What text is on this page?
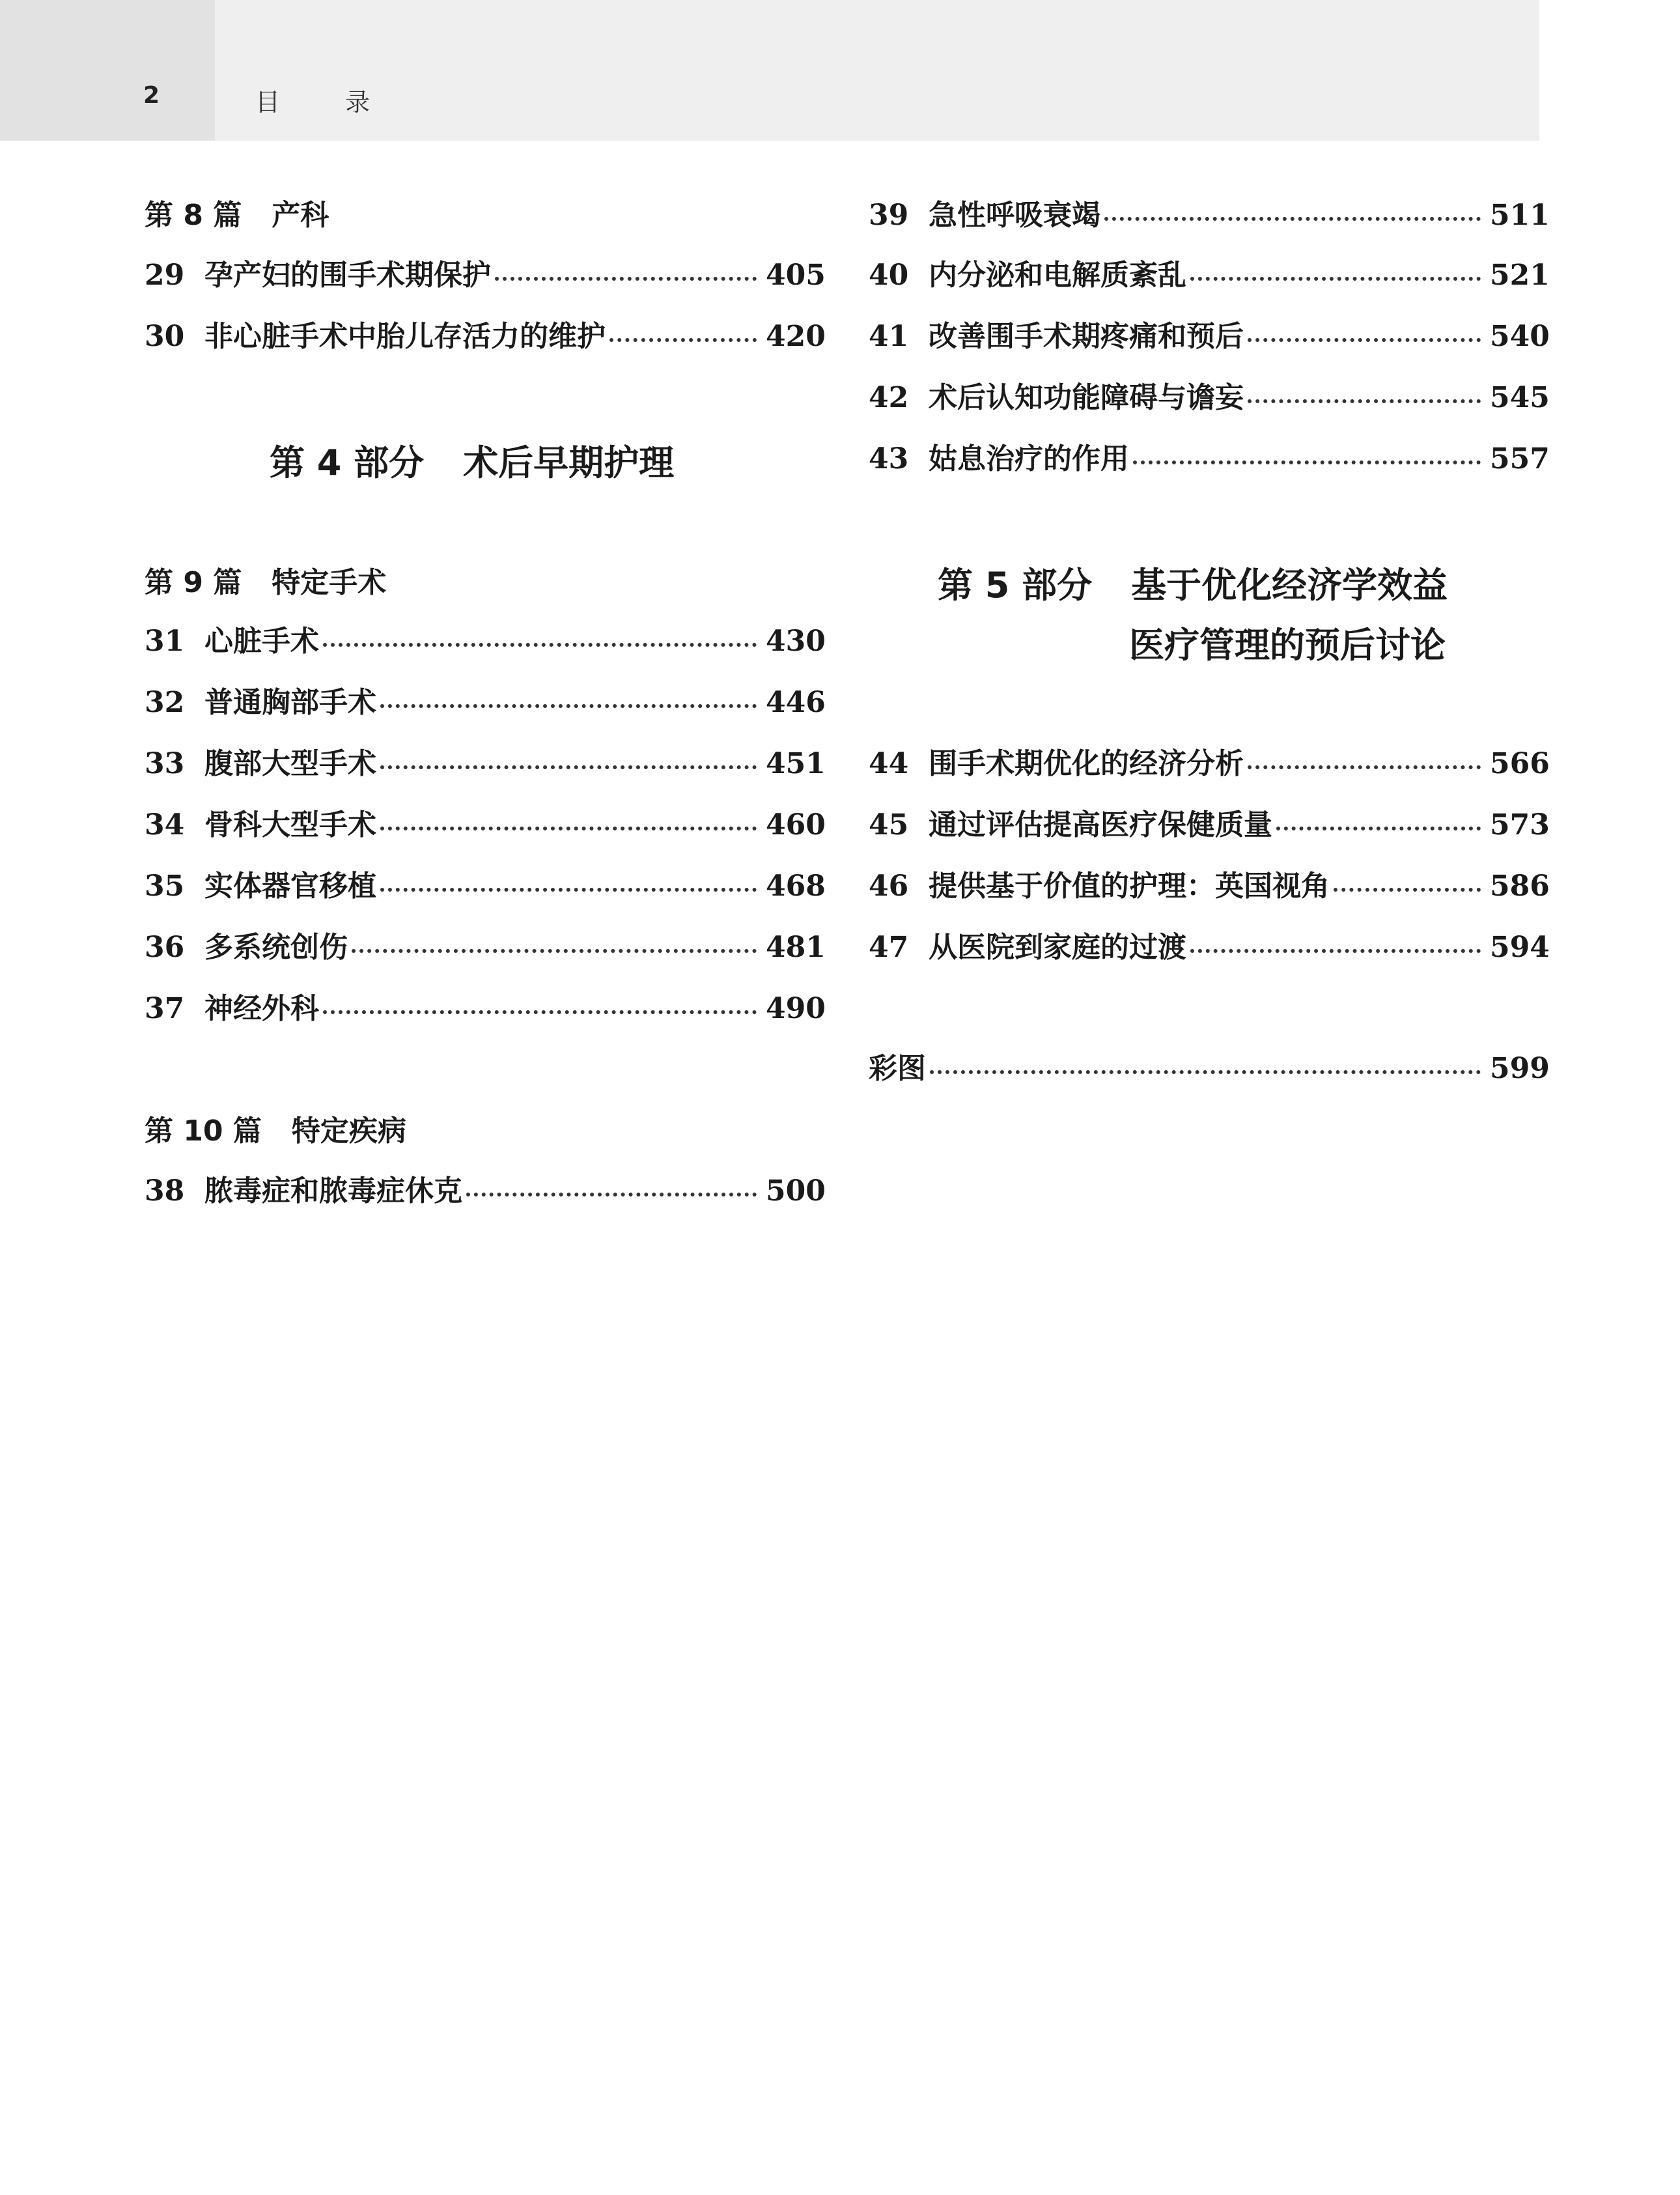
2	目 录
第 8 篇 产科
29 孕产妇的围手术期保护	405
30 非心脏手术中胎儿存活力的维护	420
第 4 部分 术后早期护理
第 9 篇 特定手术
31 心脏手术	430
32 普通胸部手术	446
33 腹部大型手术	451
34 骨科大型手术	460
35 实体器官移植	468
36 多系统创伤	481
37 神经外科	490
第 10 篇 特定疾病
38 脓毒症和脓毒症休克	500
39 急性呼吸衰竭	511
40 内分泌和电解质紊乱	521
41 改善围手术期疼痛和预后	540
42 术后认知功能障碍与谵妄	545
43 姑息治疗的作用	557
第 5 部分 基于优化经济学效益
医疗管理的预后讨论
44 围手术期优化的经济分析	566
45 通过评估提高医疗保健质量	573
46 提供基于价值的护理：英国视角	586
47 从医院到家庭的过渡	594
彩图	599
